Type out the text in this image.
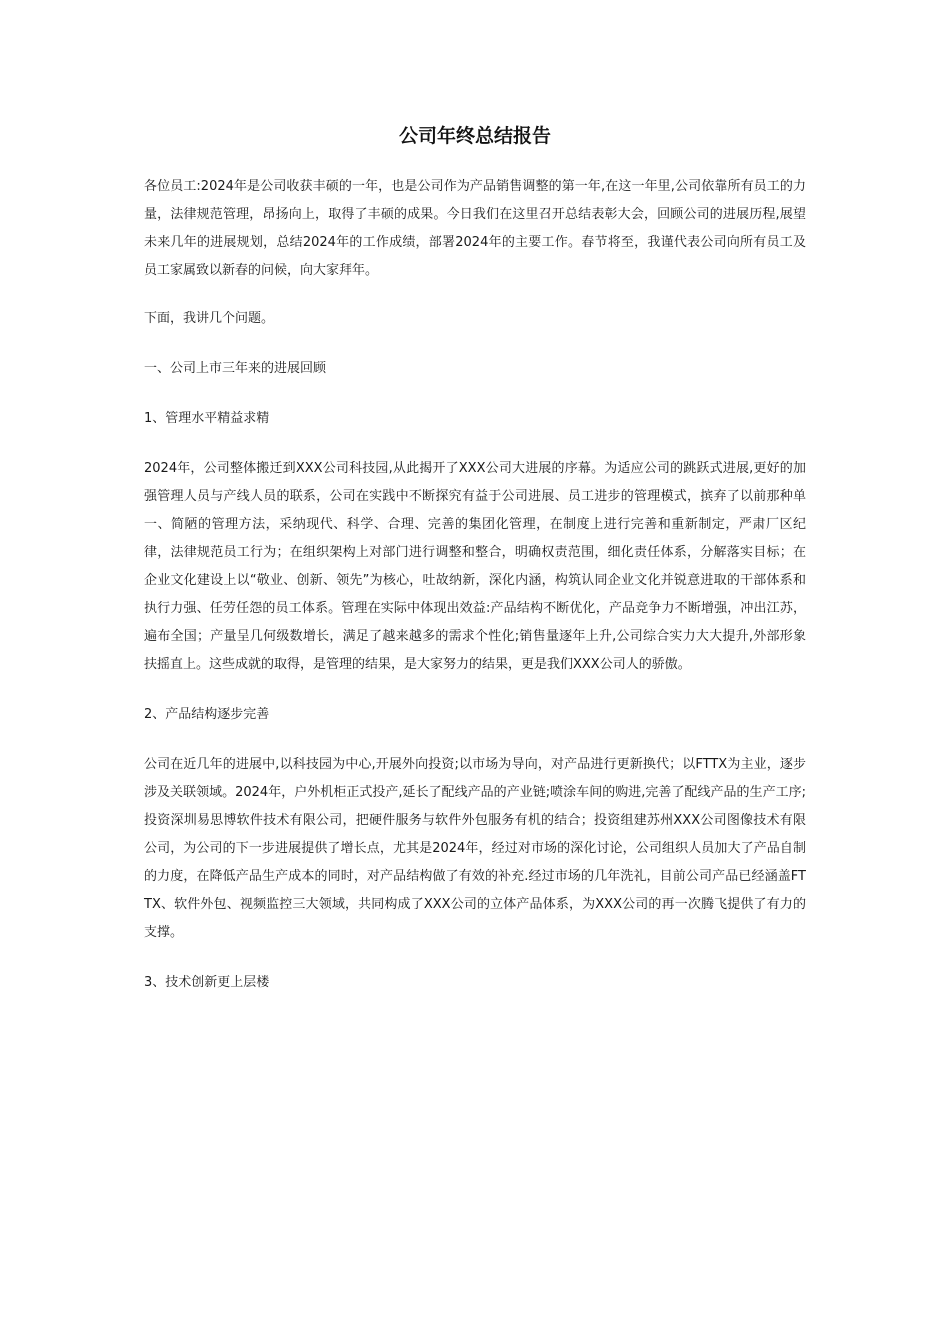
公司年终总结报告

各位员工:2024年是公司收获丰硕的一年，也是公司作为产品销售调整的第一年,在这一年里,公司依靠所有员工的力量，法律规范管理，昂扬向上，取得了丰硕的成果。今日我们在这里召开总结表彰大会，回顾公司的进展历程,展望未来几年的进展规划，总结2024年的工作成绩，部署2024年的主要工作。春节将至，我谨代表公司向所有员工及员工家属致以新春的问候，向大家拜年。

下面，我讲几个问题。

一、公司上市三年来的进展回顾

1、管理水平精益求精

2024年，公司整体搬迁到XXX公司科技园,从此揭开了XXX公司大进展的序幕。为适应公司的跳跃式进展,更好的加强管理人员与产线人员的联系，公司在实践中不断探究有益于公司进展、员工进步的管理模式，摈弃了以前那种单一、简陋的管理方法，采纳现代、科学、合理、完善的集团化管理，在制度上进行完善和重新制定，严肃厂区纪律，法律规范员工行为；在组织架构上对部门进行调整和整合，明确权责范围，细化责任体系，分解落实目标；在企业文化建设上以“敬业、创新、领先”为核心，吐故纳新，深化内涵，构筑认同企业文化并锐意进取的干部体系和执行力强、任劳任怨的员工体系。管理在实际中体现出效益:产品结构不断优化，产品竞争力不断增强，冲出江苏，遍布全国；产量呈几何级数增长，满足了越来越多的需求个性化;销售量逐年上升,公司综合实力大大提升,外部形象扶摇直上。这些成就的取得，是管理的结果，是大家努力的结果，更是我们XXX公司人的骄傲。

2、产品结构逐步完善

公司在近几年的进展中,以科技园为中心,开展外向投资;以市场为导向，对产品进行更新换代；以FTTX为主业，逐步涉及关联领域。2024年，户外机柜正式投产,延长了配线产品的产业链;喷涂车间的购进,完善了配线产品的生产工序;投资深圳易思博软件技术有限公司，把硬件服务与软件外包服务有机的结合；投资组建苏州XXX公司图像技术有限公司，为公司的下一步进展提供了增长点，尤其是2024年，经过对市场的深化讨论，公司组织人员加大了产品自制的力度，在降低产品生产成本的同时，对产品结构做了有效的补充.经过市场的几年洗礼，目前公司产品已经涵盖FTTX、软件外包、视频监控三大领域，共同构成了XXX公司的立体产品体系，为XXX公司的再一次腾飞提供了有力的支撑。

3、技术创新更上层楼
